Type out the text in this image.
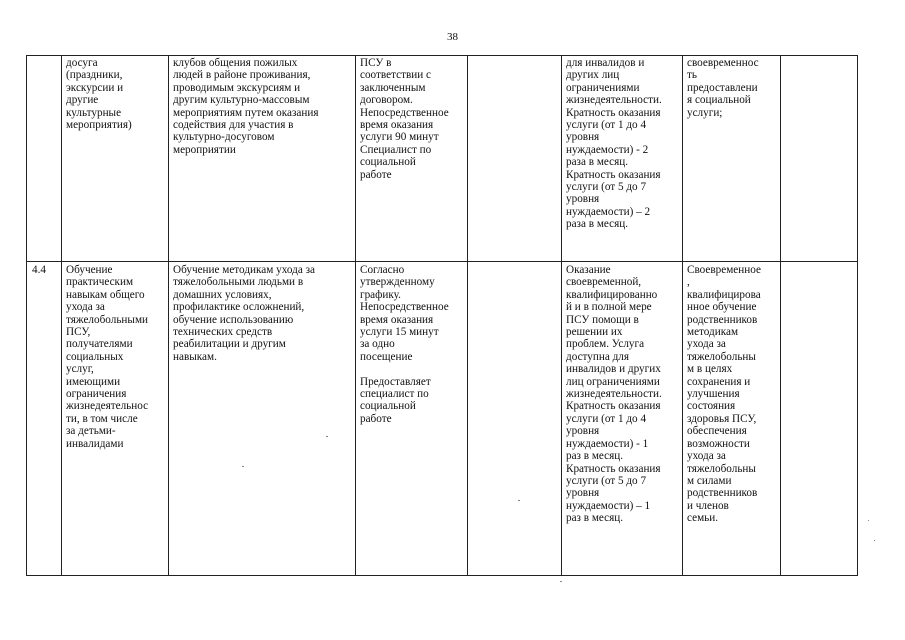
38
досуга
(праздники,
экскурсии и
другие
культурные
мероприятия)
клубов общения пожилых
людей в районе проживания,
проводимым экскурсиям и
другим культурно-массовым
мероприятиям путем оказания
содействия для участия в
культурно-досуговом
мероприятии
ПСУ в
соответствии с
заключенным
договором.
Непосредственное
время оказания
услуги 90 минут
Специалист по
социальной
работе
для инвалидов и
других лиц
ограничениями
жизнедеятельности.
Кратность оказания
услуги (от 1 до 4
уровня
нуждаемости) - 2
раза в месяц.
Кратность оказания
услуги (от 5 до 7
уровня
нуждаемости) – 2
раза в месяц.
своевременнос
ть
предоставлени
я социальной
услуги;
4.4	Обучение
практическим
навыкам общего
ухода за
тяжелобольными
ПСУ,
получателями
социальных
услуг,
имеющими
ограничения
жизнедеятельнос
ти, в том числе
за детьми-
инвалидами
Обучение методикам ухода за
тяжелобольными людьми в
домашних условиях,
профилактике осложнений,
обучение использованию
технических средств
реабилитации и другим
навыкам.
Согласно
утвержденному
графику.
Непосредственное
время оказания
услуги 15 минут
за одно
посещение

Предоставляет
специалист по
социальной
работе
Оказание
своевременной,
квалифицированно
й и в полной мере
ПСУ помощи в
решении их
проблем. Услуга
доступна для
инвалидов и других
лиц ограничениями
жизнедеятельности.
Кратность оказания
услуги (от 1 до 4
уровня
нуждаемости) - 1
раз в месяц.
Кратность оказания
услуги (от 5 до 7
уровня
нуждаемости) – 1
раз в месяц.
Своевременное
,
квалифицирова
нное обучение
родственников
методикам
ухода за
тяжелобольны
м в целях
сохранения и
улучшения
состояния
здоровья ПСУ,
обеспечения
возможности
ухода за
тяжелобольны
м силами
родственников
и членов
семьи.
